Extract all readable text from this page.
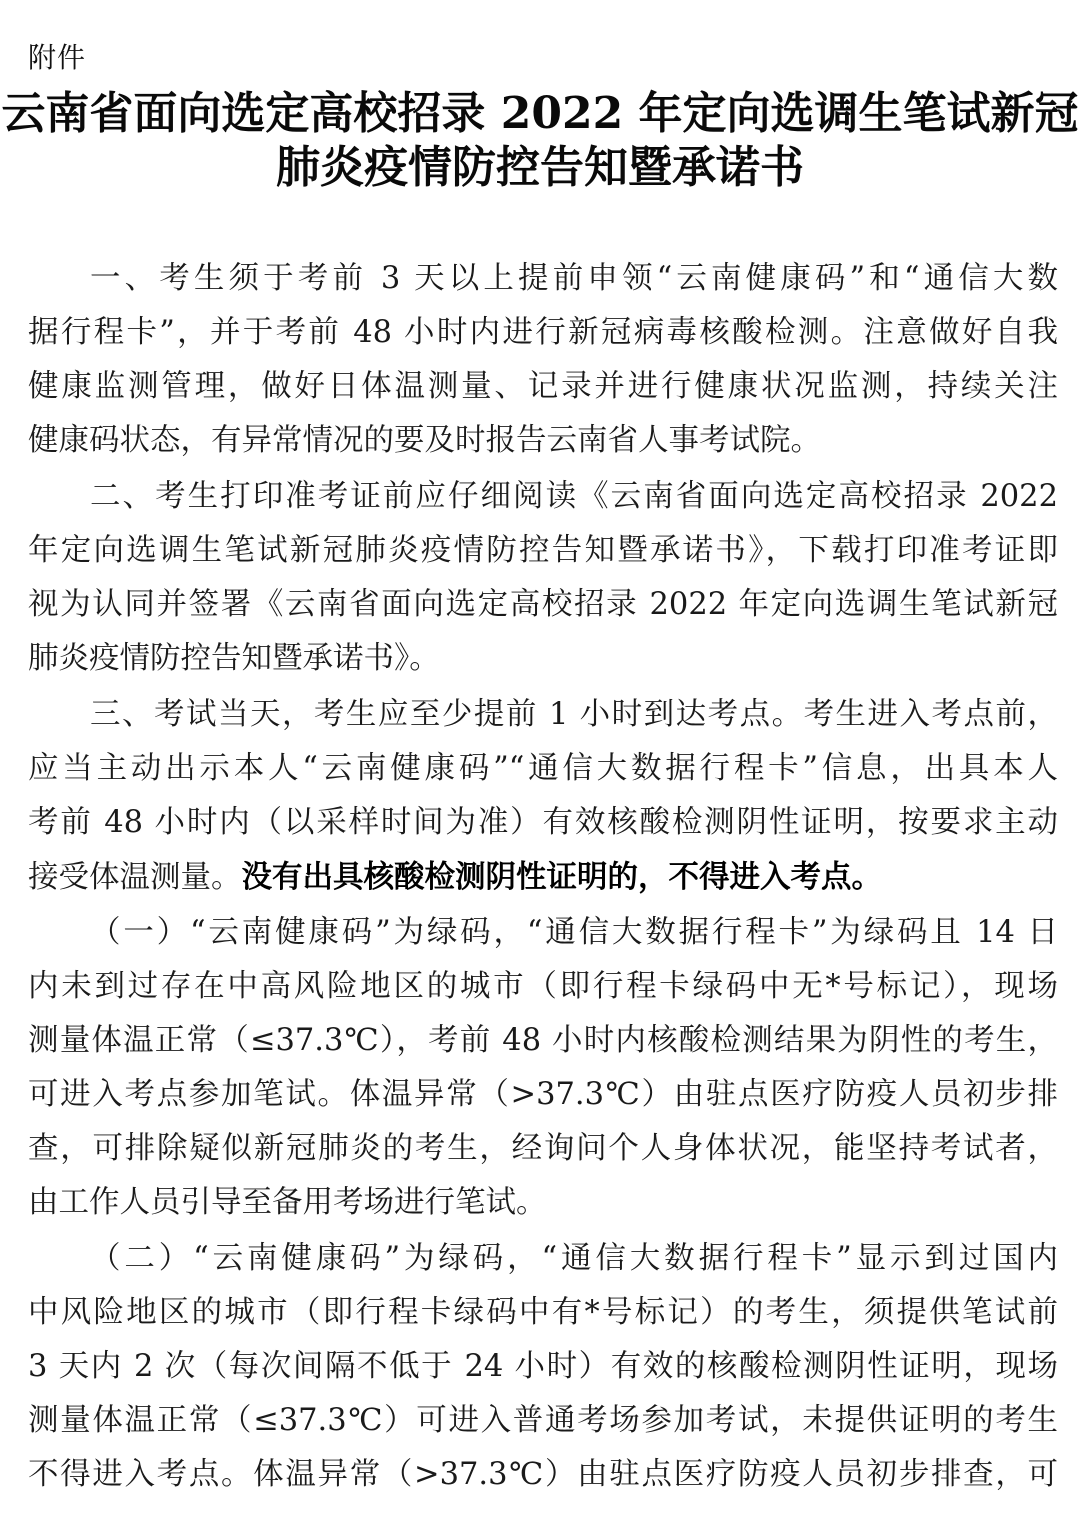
附件
云南省面向选定高校招录 2022 年定向选调生笔试新冠
肺炎疫情防控告知暨承诺书
一、考生须于考前 3 天以上提前申领“云南健康码”和“通信大数
据行程卡”，并于考前 48 小时内进行新冠病毒核酸检测。注意做好自我
健康监测管理，做好日体温测量、记录并进行健康状况监测，持续关注
健康码状态，有异常情况的要及时报告云南省人事考试院。
二、考生打印准考证前应仔细阅读《云南省面向选定高校招录 2022
年定向选调生笔试新冠肺炎疫情防控告知暨承诺书》，下载打印准考证即
视为认同并签署《云南省面向选定高校招录 2022 年定向选调生笔试新冠
肺炎疫情防控告知暨承诺书》。
三、考试当天，考生应至少提前 1 小时到达考点。考生进入考点前，
应当主动出示本人“云南健康码”“通信大数据行程卡”信息，出具本人
考前 48 小时内（以采样时间为准）有效核酸检测阴性证明，按要求主动
接受体温测量。没有出具核酸检测阴性证明的，不得进入考点。
（一）“云南健康码”为绿码，“通信大数据行程卡”为绿码且 14 日
内未到过存在中高风险地区的城市（即行程卡绿码中无*号标记），现场
测量体温正常（≤37.3℃），考前 48 小时内核酸检测结果为阴性的考生，
可进入考点参加笔试。体温异常（>37.3℃）由驻点医疗防疫人员初步排
查，可排除疑似新冠肺炎的考生，经询问个人身体状况，能坚持考试者，
由工作人员引导至备用考场进行笔试。
（二）“云南健康码”为绿码，“通信大数据行程卡”显示到过国内
中风险地区的城市（即行程卡绿码中有*号标记）的考生，须提供笔试前
3 天内 2 次（每次间隔不低于 24 小时）有效的核酸检测阴性证明，现场
测量体温正常（≤37.3℃）可进入普通考场参加考试，未提供证明的考生
不得进入考点。体温异常（>37.3℃）由驻点医疗防疫人员初步排查，可
